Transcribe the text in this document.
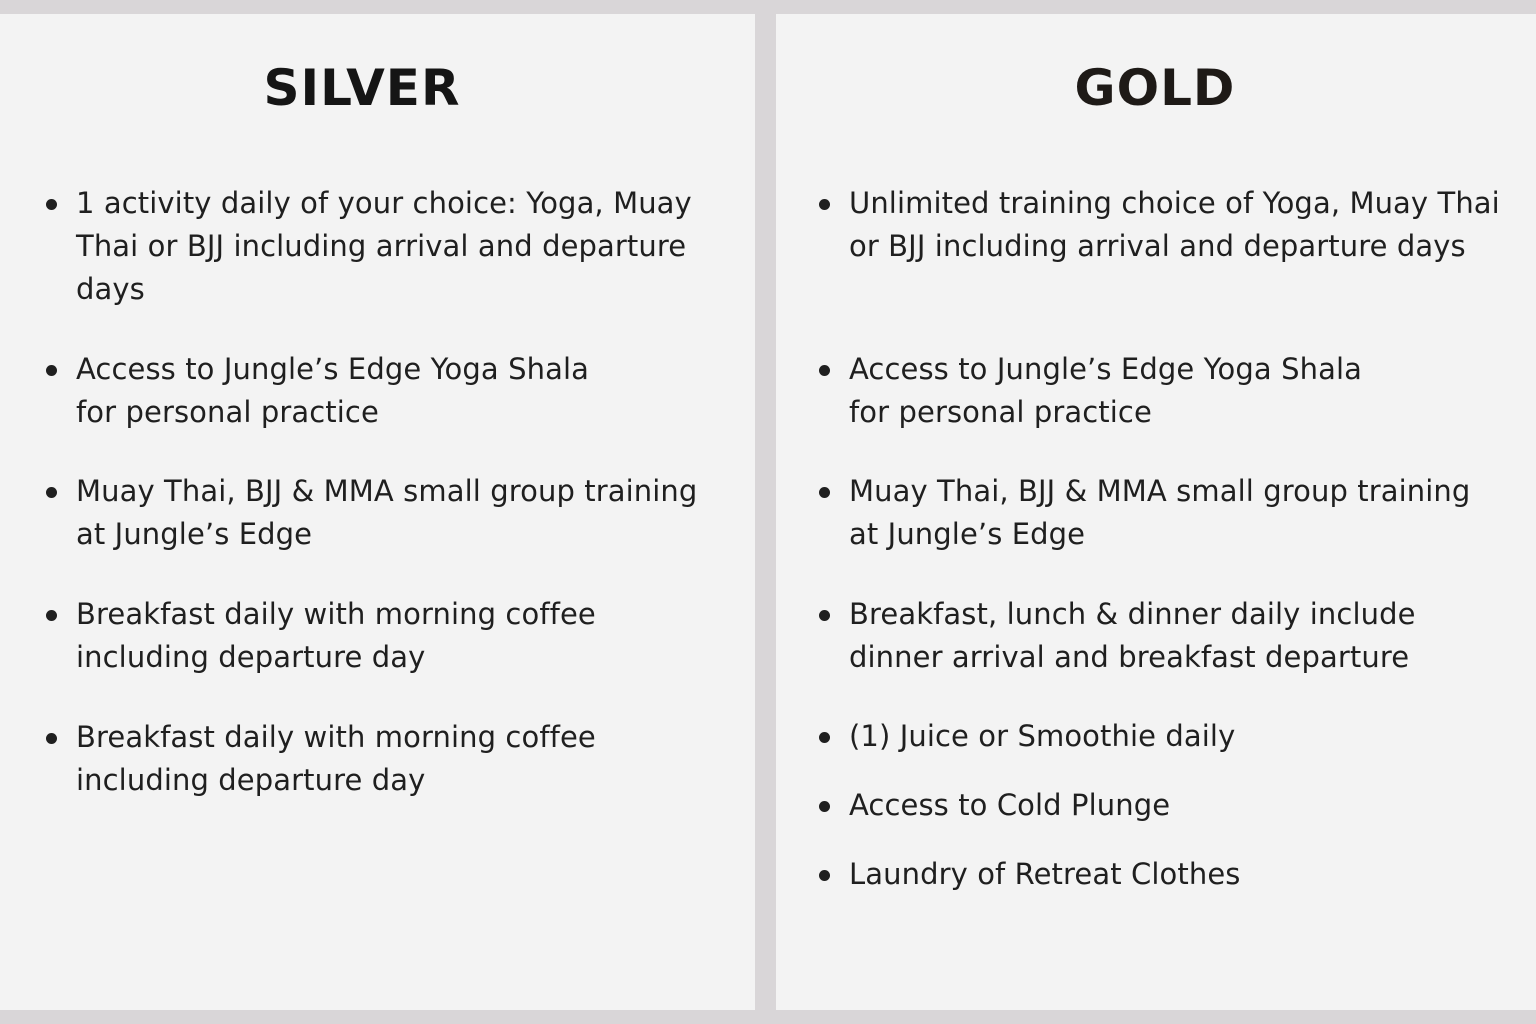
SILVER
1 activity daily of your choice: Yoga, Muay
Thai or BJJ including arrival and departure
days
Access to Jungle’s Edge Yoga Shala
for personal practice
Muay Thai, BJJ & MMA small group training
at Jungle’s Edge
Breakfast daily with morning coffee
including departure day
Breakfast daily with morning coffee
including departure day
GOLD
Unlimited training choice of Yoga, Muay Thai
or BJJ including arrival and departure days
Access to Jungle’s Edge Yoga Shala
for personal practice
Muay Thai, BJJ & MMA small group training
at Jungle’s Edge
Breakfast, lunch & dinner daily include
dinner arrival and breakfast departure
(1) Juice or Smoothie daily
Access to Cold Plunge
Laundry of Retreat Clothes
